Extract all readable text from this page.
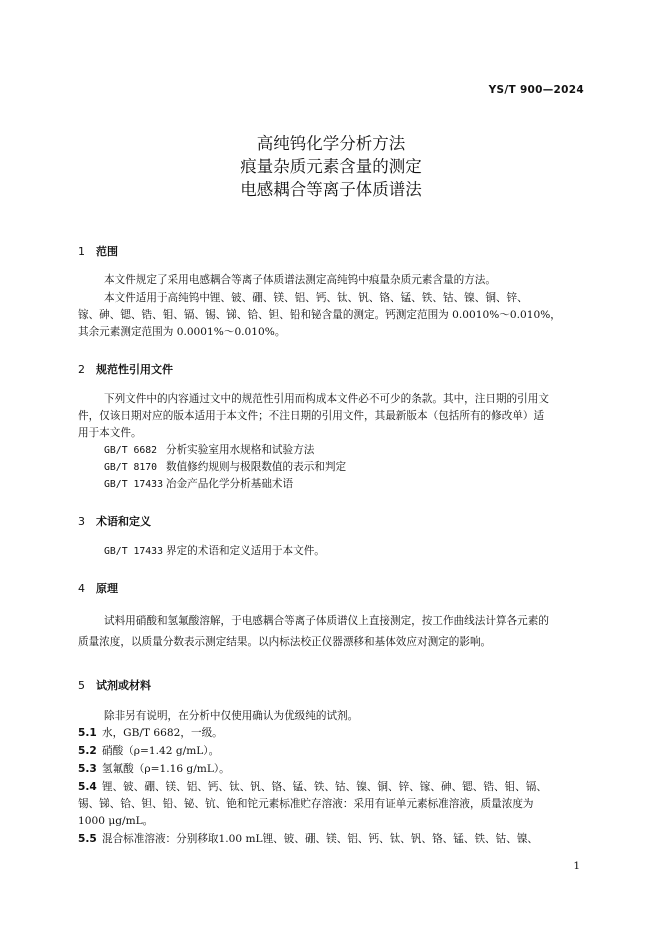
YS/T 900—2024
高纯钨化学分析方法
痕量杂质元素含量的测定
电感耦合等离子体质谱法
1 范围
本文件规定了采用电感耦合等离子体质谱法测定高纯钨中痕量杂质元素含量的方法。
本文件适用于高纯钨中锂、铍、硼、镁、铝、钙、钛、钒、铬、锰、铁、钴、镍、铜、锌、
镓、砷、锶、锆、钼、镉、锡、锑、铪、钽、铅和铋含量的测定。钙测定范围为 0.0010%～0.010%，
其余元素测定范围为 0.0001%～0.010%。
2 规范性引用文件
下列文件中的内容通过文中的规范性引用而构成本文件必不可少的条款。其中，注日期的引用文
件，仅该日期对应的版本适用于本文件；不注日期的引用文件，其最新版本（包括所有的修改单）适
用于本文件。
GB/T 6682 分析实验室用水规格和试验方法
GB/T 8170 数值修约规则与极限数值的表示和判定
GB/T 17433 冶金产品化学分析基础术语
3 术语和定义
GB/T 17433 界定的术语和定义适用于本文件。
4 原理
试料用硝酸和氢氟酸溶解，于电感耦合等离子体质谱仪上直接测定，按工作曲线法计算各元素的
质量浓度，以质量分数表示测定结果。以内标法校正仪器漂移和基体效应对测定的影响。
5 试剂或材料
除非另有说明，在分析中仅使用确认为优级纯的试剂。
5.1 水，GB/T 6682，一级。
5.2 硝酸（ρ=1.42 g/mL）。
5.3 氢氟酸（ρ=1.16 g/mL）。
5.4 锂、铍、硼、镁、铝、钙、钛、钒、铬、锰、铁、钴、镍、铜、锌、镓、砷、锶、锆、钼、镉、
锡、锑、铪、钽、铅、铋、钪、铯和铊元素标准贮存溶液：采用有证单元素标准溶液，质量浓度为
1000 μg/mL。
5.5 混合标准溶液：分别移取1.00 mL锂、铍、硼、镁、铝、钙、钛、钒、铬、锰、铁、钴、镍、
1
